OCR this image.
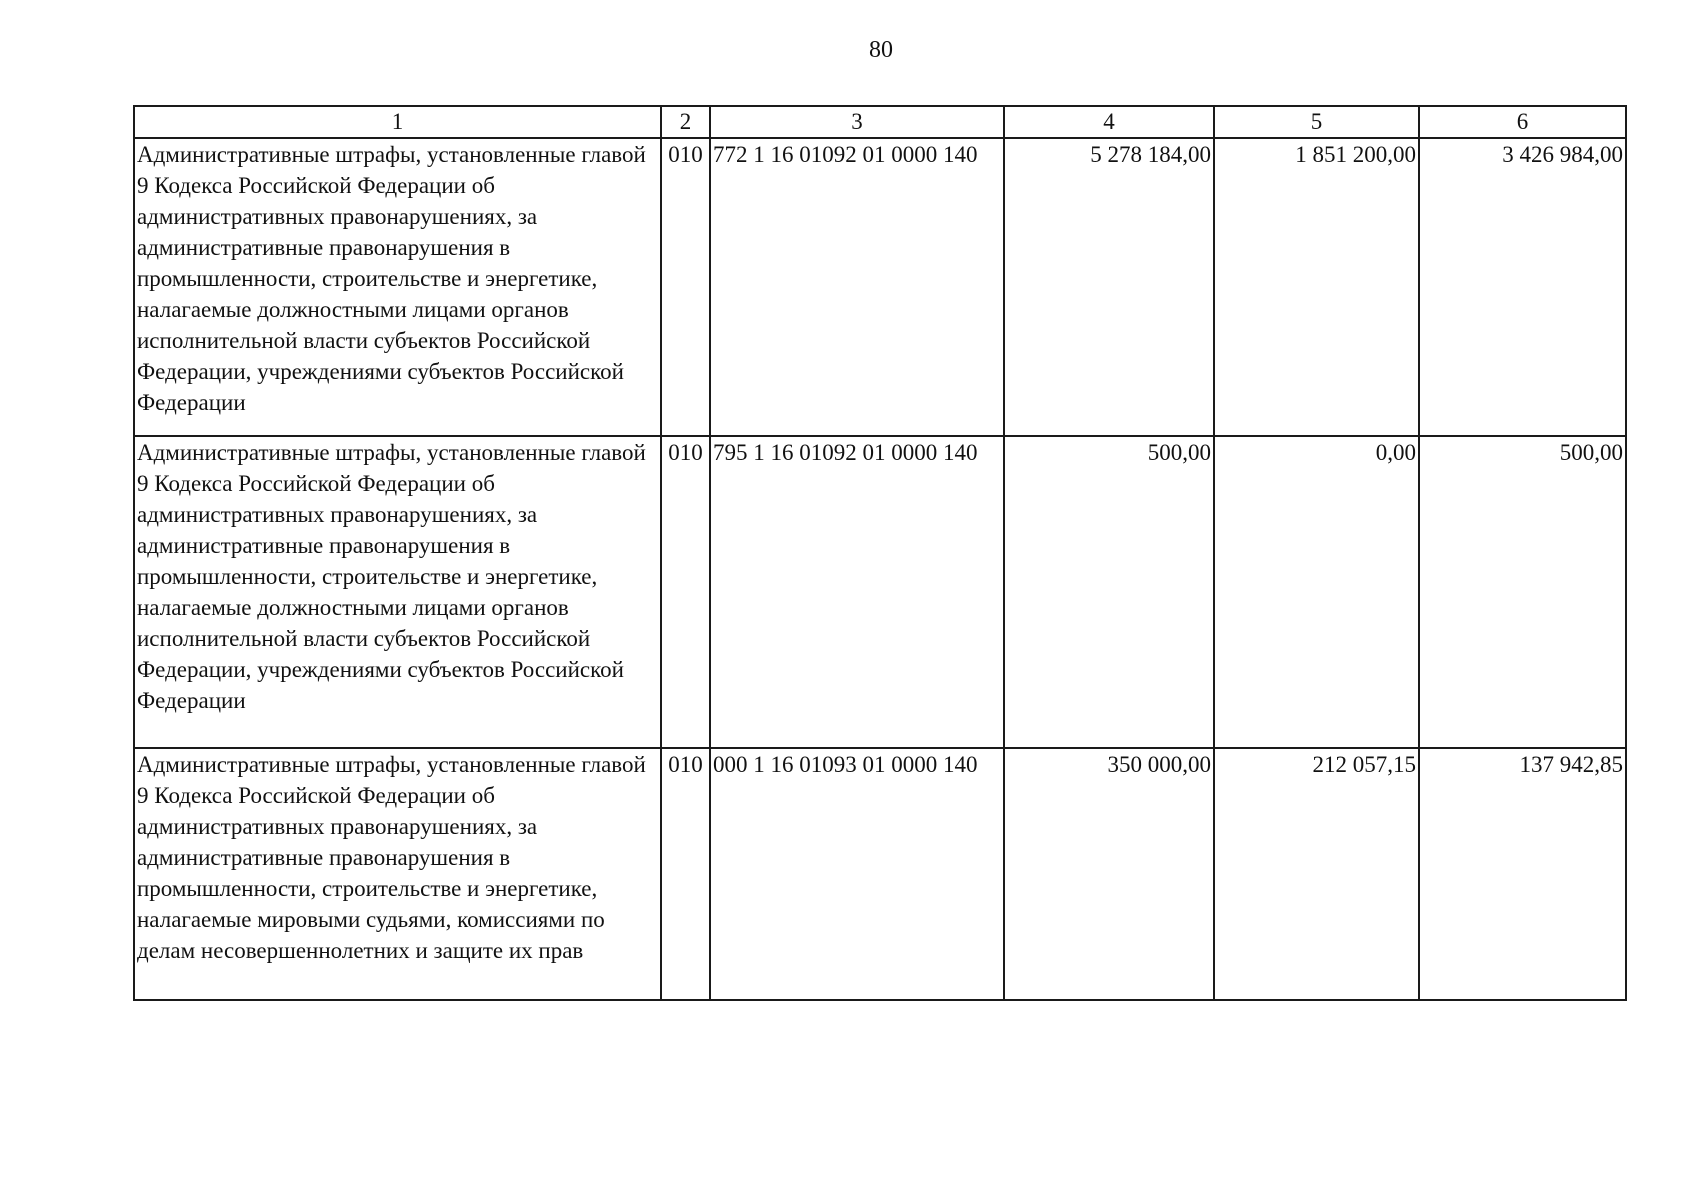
80
1	2	3	4	5	6
Административные штрафы, установленные главой 9 Кодекса Российской Федерации об административных правонарушениях, за административные правонарушения в промышленности, строительстве и энергетике, налагаемые должностными лицами органов исполнительной власти субъектов Российской Федерации, учреждениями субъектов Российской Федерации	010	772 1 16 01092 01 0000 140	5 278 184,00	1 851 200,00	3 426 984,00
Административные штрафы, установленные главой 9 Кодекса Российской Федерации об административных правонарушениях, за административные правонарушения в промышленности, строительстве и энергетике, налагаемые должностными лицами органов исполнительной власти субъектов Российской Федерации, учреждениями субъектов Российской Федерации	010	795 1 16 01092 01 0000 140	500,00	0,00	500,00
Административные штрафы, установленные главой 9 Кодекса Российской Федерации об административных правонарушениях, за административные правонарушения в промышленности, строительстве и энергетике, налагаемые мировыми судьями, комиссиями по делам несовершеннолетних и защите их прав	010	000 1 16 01093 01 0000 140	350 000,00	212 057,15	137 942,85
